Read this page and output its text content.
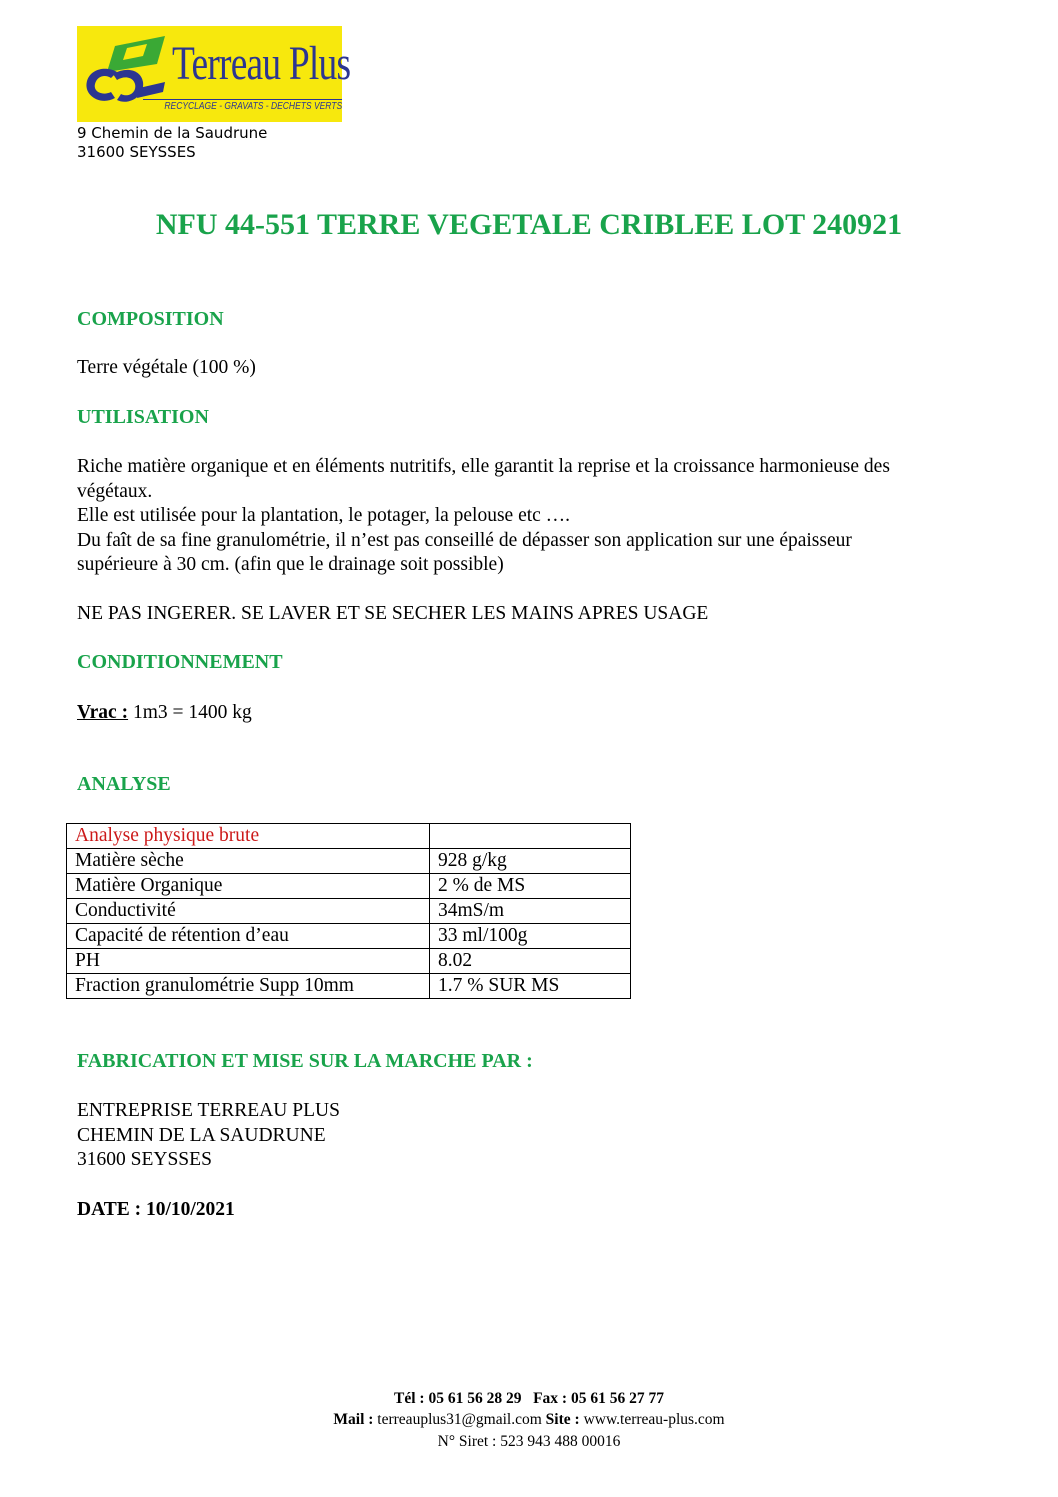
Terreau Plus
RECYCLAGE - GRAVATS - DECHETS VERTS
9 Chemin de la Saudrune
31600 SEYSSES
NFU 44-551 TERRE VEGETALE CRIBLEE LOT 240921
COMPOSITION
Terre végétale (100 %)
UTILISATION
Riche matière organique et en éléments nutritifs, elle garantit la reprise et la croissance harmonieuse des
végétaux.
Elle est utilisée pour la plantation, le potager, la pelouse etc ….
Du faît de sa fine granulométrie, il n’est pas conseillé de dépasser son application sur une épaisseur
supérieure à 30 cm. (afin que le drainage soit possible)
NE PAS INGERER. SE LAVER ET SE SECHER LES MAINS APRES USAGE
CONDITIONNEMENT
Vrac : 1m3 = 1400 kg
ANALYSE
Analyse physique brute	
Matière sèche	928 g/kg
Matière Organique	2 % de MS
Conductivité	34mS/m
Capacité de rétention d’eau	33 ml/100g
PH	8.02
Fraction granulométrie Supp 10mm	1.7 % SUR MS
FABRICATION ET MISE SUR LA MARCHE PAR :
ENTREPRISE TERREAU PLUS
CHEMIN DE LA SAUDRUNE
31600 SEYSSES
DATE : 10/10/2021
Tél : 05 61 56 28 29 Fax : 05 61 56 27 77
Mail : terreauplus31@gmail.com Site : www.terreau-plus.com
N° Siret : 523 943 488 00016
